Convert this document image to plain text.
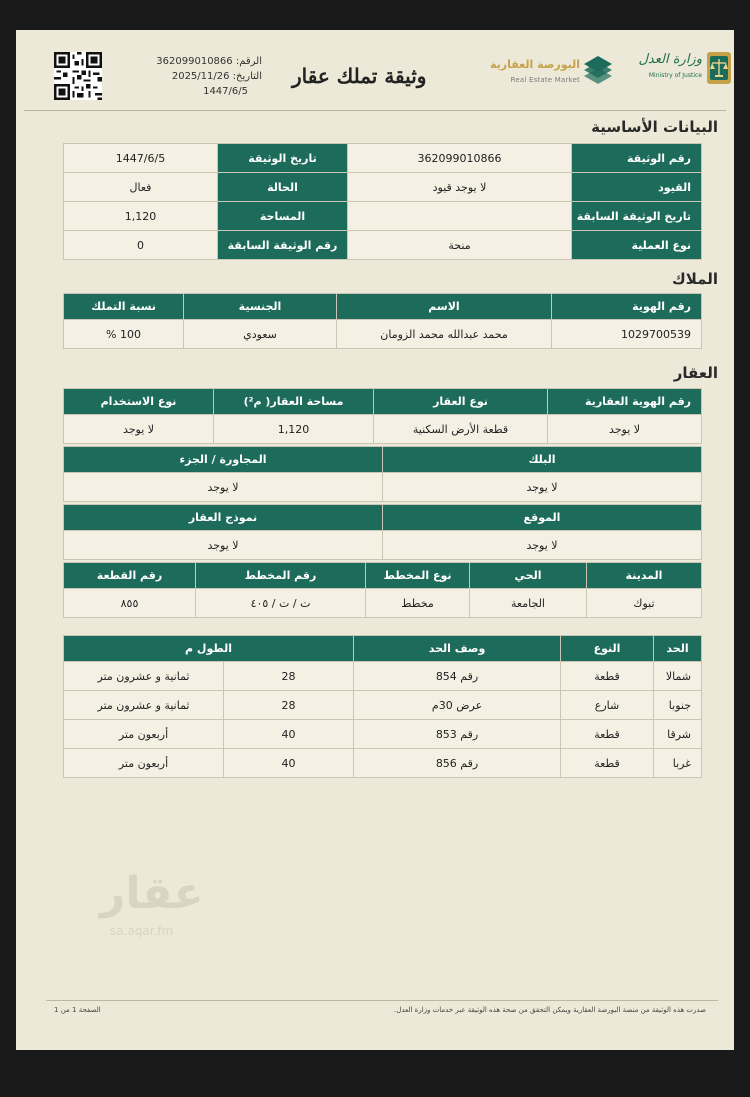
الرقم: 362099010866
التاريخ: 2025/11/26
1447/6/5
وثيقة تملك عقار	البورصة العقارية
Real Estate Market
وزارة العدل
Ministry of Justice
البيانات الأساسية
رقم الوثيقة	362099010866	تاريخ الوثيقة	1447/6/5
القيود	لا يوجد قيود	الحالة	فعال
تاريخ الوثيقة السابقة		المساحة	1,120
نوع العملية	منحة	رقم الوثيقة السابقة	0
الملاك
رقم الهوية	الاسم	الجنسية	نسبة التملك
1029700539	محمد عبدالله محمد الزومان	سعودي	100 %
العقار
رقم الهوية العقارية	نوع العقار	مساحة العقار( م²)	نوع الاستخدام
لا يوجد	قطعة الأرض السكنية	1,120	لا يوجد
البلك	المجاورة / الجزء
لا يوجد	لا يوجد
الموقع	نموذج العقار
لا يوجد	لا يوجد
المدينة	الحي	نوع المخطط	رقم المخطط	رقم القطعة
تبوك	الجامعة	مخطط	ت / ت / ٤٠٥	٨٥٥
الحد	النوع	وصف الحد	الطول م	
شمالا	قطعة	رقم 854	28	ثمانية و عشرون متر
جنوبا	شارع	عرض 30م	28	ثمانية و عشرون متر
شرقا	قطعة	رقم 853	40	أربعون متر
غربا	قطعة	رقم 856	40	أربعون متر
عقار
sa.aqar.fm
صدرت هذه الوثيقة من منصة البورصة العقارية ويمكن التحقق من صحة هذه الوثيقة عبر خدمات وزارة العدل.
الصفحة 1 من 1
